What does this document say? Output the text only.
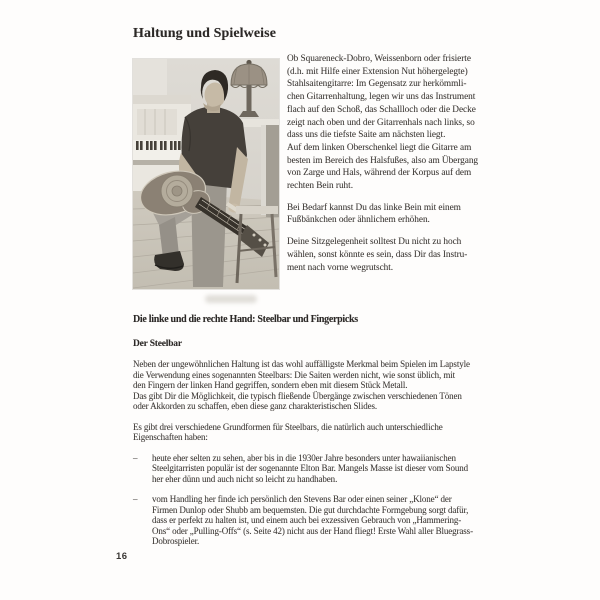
Haltung und Spielweise

Ob Squareneck-Dobro, Weissenborn oder frisierte
(d.h. mit Hilfe einer Extension Nut höhergelegte)
Stahlsaitengitarre: Im Gegensatz zur herkömmli-
chen Gitarrenhaltung, legen wir uns das Instrument
flach auf den Schoß, das Schallloch oder die Decke
zeigt nach oben und der Gitarrenhals nach links, so
dass uns die tiefste Saite am nächsten liegt.
Auf dem linken Oberschenkel liegt die Gitarre am
besten im Bereich des Halsfußes, also am Übergang
von Zarge und Hals, während der Korpus auf dem
rechten Bein ruht.

Bei Bedarf kannst Du das linke Bein mit einem
Fußbänkchen oder ähnlichem erhöhen.

Deine Sitzgelegenheit solltest Du nicht zu hoch
wählen, sonst könnte es sein, dass Dir das Instru-
ment nach vorne wegrutscht.

Die linke und die rechte Hand: Steelbar und Fingerpicks
Der Steelbar

Neben der ungewöhnlichen Haltung ist das wohl auffälligste Merkmal beim Spielen im Lapstyle
die Verwendung eines sogenannten Steelbars: Die Saiten werden nicht, wie sonst üblich, mit
den Fingern der linken Hand gegriffen, sondern eben mit diesem Stück Metall.
Das gibt Dir die Möglichkeit, die typisch fließende Übergänge zwischen verschiedenen Tönen
oder Akkorden zu schaffen, eben diese ganz charakteristischen Slides.

Es gibt drei verschiedene Grundformen für Steelbars, die natürlich auch unterschiedliche
Eigenschaften haben:

–	heute eher selten zu sehen, aber bis in die 1930er Jahre besonders unter hawaiianischen
Steelgitarristen populär ist der sogenannte Elton Bar. Mangels Masse ist dieser vom Sound
her eher dünn und auch nicht so leicht zu handhaben.
–	vom Handling her finde ich persönlich den Stevens Bar oder einen seiner „Klone“ der
Firmen Dunlop oder Shubb am bequemsten. Die gut durchdachte Formgebung sorgt dafür,
dass er perfekt zu halten ist, und einem auch bei exzessiven Gebrauch von „Hammering-
Ons“ oder „Pulling-Offs“ (s. Seite 42) nicht aus der Hand fliegt! Erste Wahl aller Bluegrass-
Dobrospieler.
16
